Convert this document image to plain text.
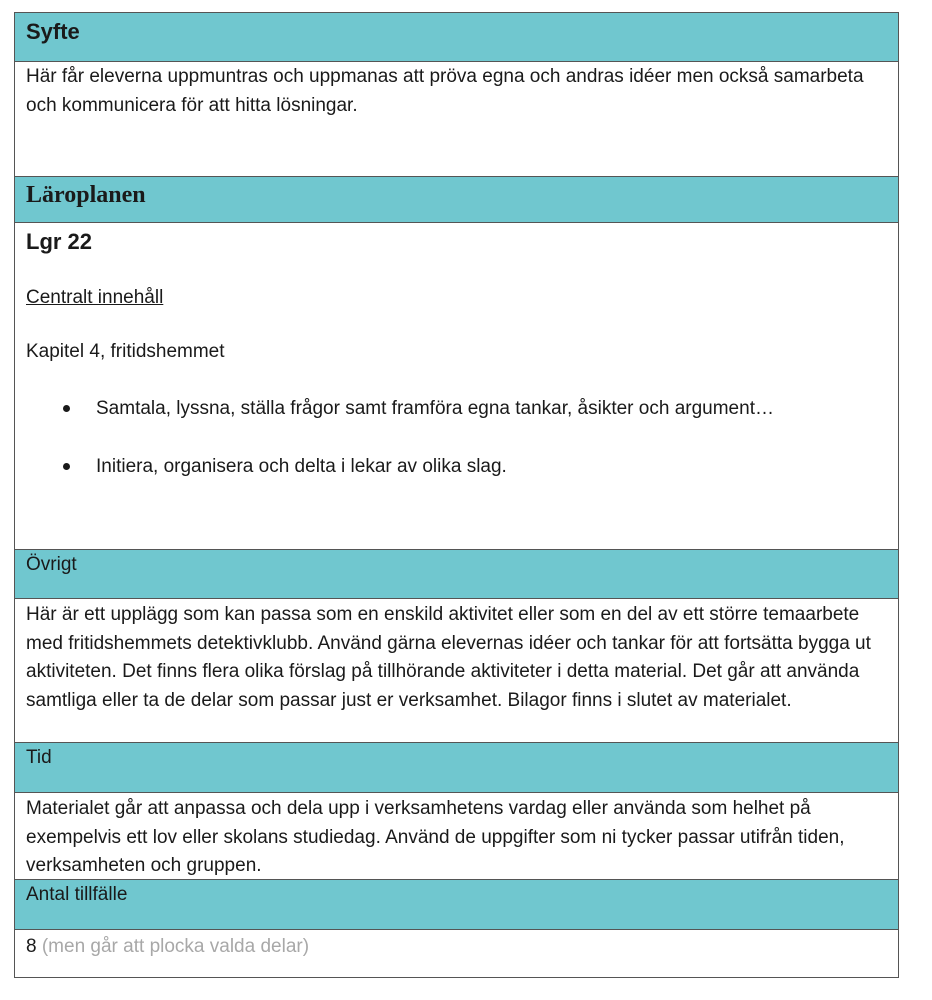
Syfte
Här får eleverna uppmuntras och uppmanas att pröva egna och andras idéer men också samarbeta och kommunicera för att hitta lösningar.
Läroplanen
Lgr 22
Centralt innehåll
Kapitel 4, fritidshemmet
Samtala, lyssna, ställa frågor samt framföra egna tankar, åsikter och argument…
Initiera, organisera och delta i lekar av olika slag.
Övrigt
Här är ett upplägg som kan passa som en enskild aktivitet eller som en del av ett större temaarbete med fritidshemmets detektivklubb. Använd gärna elevernas idéer och tankar för att fortsätta bygga ut aktiviteten. Det finns flera olika förslag på tillhörande aktiviteter i detta material. Det går att använda samtliga eller ta de delar som passar just er verksamhet. Bilagor finns i slutet av materialet.
Tid
Materialet går att anpassa och dela upp i verksamhetens vardag eller använda som helhet på exempelvis ett lov eller skolans studiedag. Använd de uppgifter som ni tycker passar utifrån tiden, verksamheten och gruppen.
Antal tillfälle
8 (men går att plocka valda delar)
